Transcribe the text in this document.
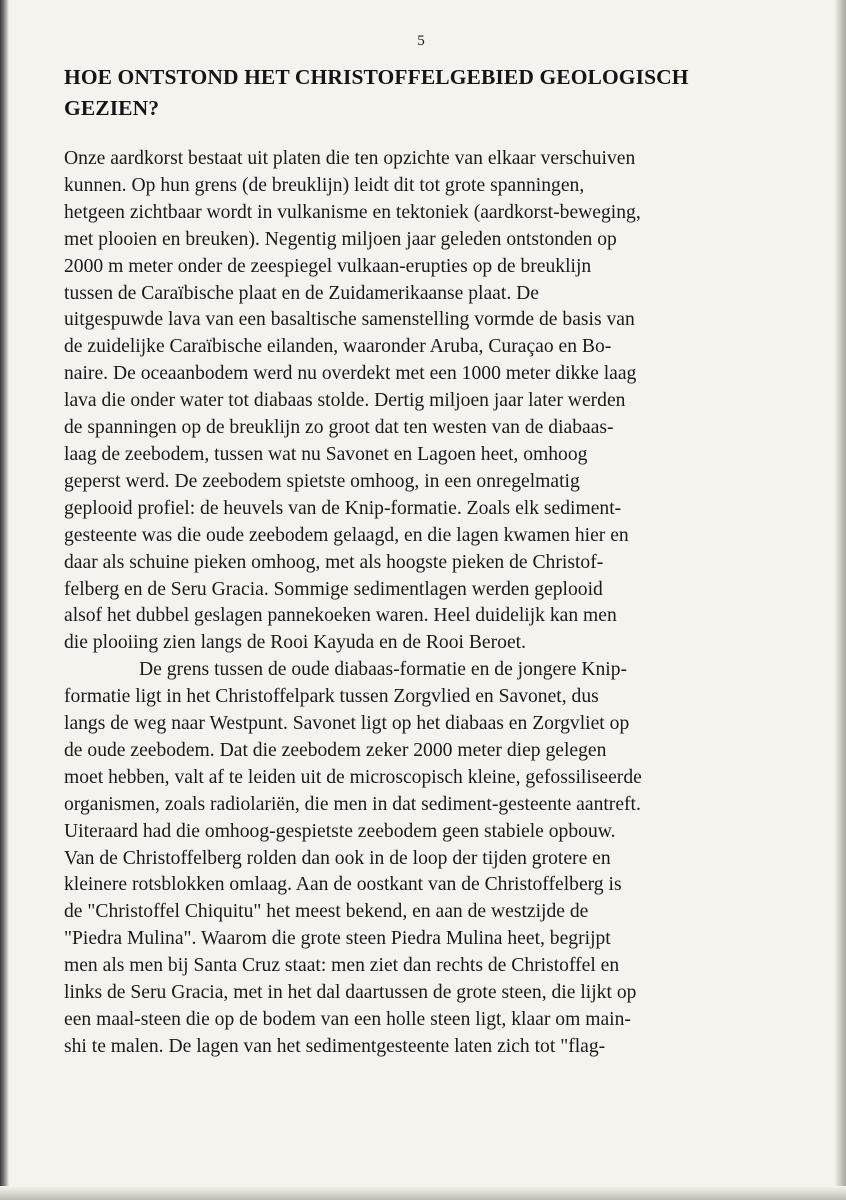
5
HOE ONTSTOND HET CHRISTOFFELGEBIED GEOLOGISCH
GEZIEN?
Onze aardkorst bestaat uit platen die ten opzichte van elkaar verschuiven
kunnen. Op hun grens (de breuklijn) leidt dit tot grote spanningen,
hetgeen zichtbaar wordt in vulkanisme en tektoniek (aardkorst-beweging,
met plooien en breuken). Negentig miljoen jaar geleden ontstonden op
2000 m meter onder de zeespiegel vulkaan-erupties op de breuklijn
tussen de Caraïbische plaat en de Zuidamerikaanse plaat. De
uitgespuwde lava van een basaltische samenstelling vormde de basis van
de zuidelijke Caraïbische eilanden, waaronder Aruba, Curaçao en Bo-
naire. De oceaanbodem werd nu overdekt met een 1000 meter dikke laag
lava die onder water tot diabaas stolde. Dertig miljoen jaar later werden
de spanningen op de breuklijn zo groot dat ten westen van de diabaas-
laag de zeebodem, tussen wat nu Savonet en Lagoen heet, omhoog
geperst werd. De zeebodem spietste omhoog, in een onregelmatig
geplooid profiel: de heuvels van de Knip-formatie. Zoals elk sediment-
gesteente was die oude zeebodem gelaagd, en die lagen kwamen hier en
daar als schuine pieken omhoog, met als hoogste pieken de Christof-
felberg en de Seru Gracia. Sommige sedimentlagen werden geplooid
alsof het dubbel geslagen pannekoeken waren. Heel duidelijk kan men
die plooiing zien langs de Rooi Kayuda en de Rooi Beroet.
De grens tussen de oude diabaas-formatie en de jongere Knip-
formatie ligt in het Christoffelpark tussen Zorgvlied en Savonet, dus
langs de weg naar Westpunt. Savonet ligt op het diabaas en Zorgvliet op
de oude zeebodem. Dat die zeebodem zeker 2000 meter diep gelegen
moet hebben, valt af te leiden uit de microscopisch kleine, gefossiliseerde
organismen, zoals radiolariën, die men in dat sediment-gesteente aantreft.
Uiteraard had die omhoog-gespietste zeebodem geen stabiele opbouw.
Van de Christoffelberg rolden dan ook in de loop der tijden grotere en
kleinere rotsblokken omlaag. Aan de oostkant van de Christoffelberg is
de "Christoffel Chiquitu" het meest bekend, en aan de westzijde de
"Piedra Mulina". Waarom die grote steen Piedra Mulina heet, begrijpt
men als men bij Santa Cruz staat: men ziet dan rechts de Christoffel en
links de Seru Gracia, met in het dal daartussen de grote steen, die lijkt op
een maal-steen die op de bodem van een holle steen ligt, klaar om main-
shi te malen. De lagen van het sedimentgesteente laten zich tot "flag-
